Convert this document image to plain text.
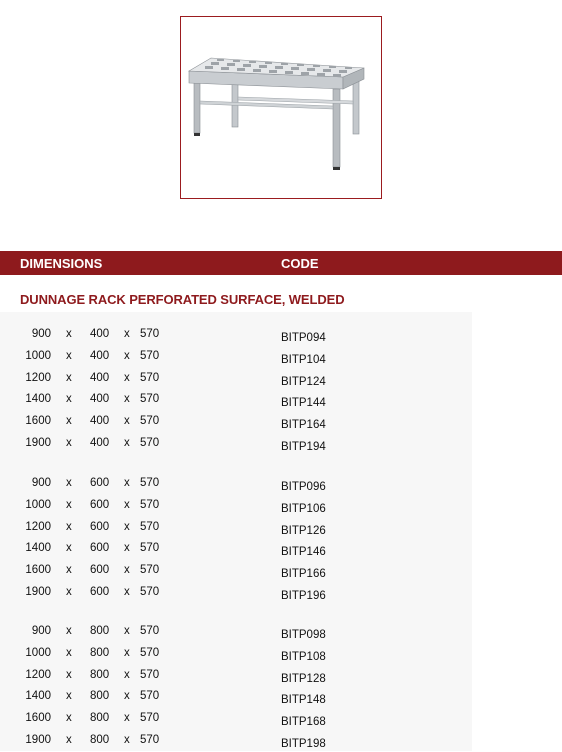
DIMENSIONS	CODE
DUNNAGE RACK PERFORATED SURFACE, WELDED
900 x 400 x 570	BITP094
1000 x 400 x 570	BITP104
1200 x 400 x 570	BITP124
1400 x 400 x 570	BITP144
1600 x 400 x 570	BITP164
1900 x 400 x 570	BITP194
900 x 600 x 570	BITP096
1000 x 600 x 570	BITP106
1200 x 600 x 570	BITP126
1400 x 600 x 570	BITP146
1600 x 600 x 570	BITP166
1900 x 600 x 570	BITP196
900 x 800 x 570	BITP098
1000 x 800 x 570	BITP108
1200 x 800 x 570	BITP128
1400 x 800 x 570	BITP148
1600 x 800 x 570	BITP168
1900 x 800 x 570	BITP198
